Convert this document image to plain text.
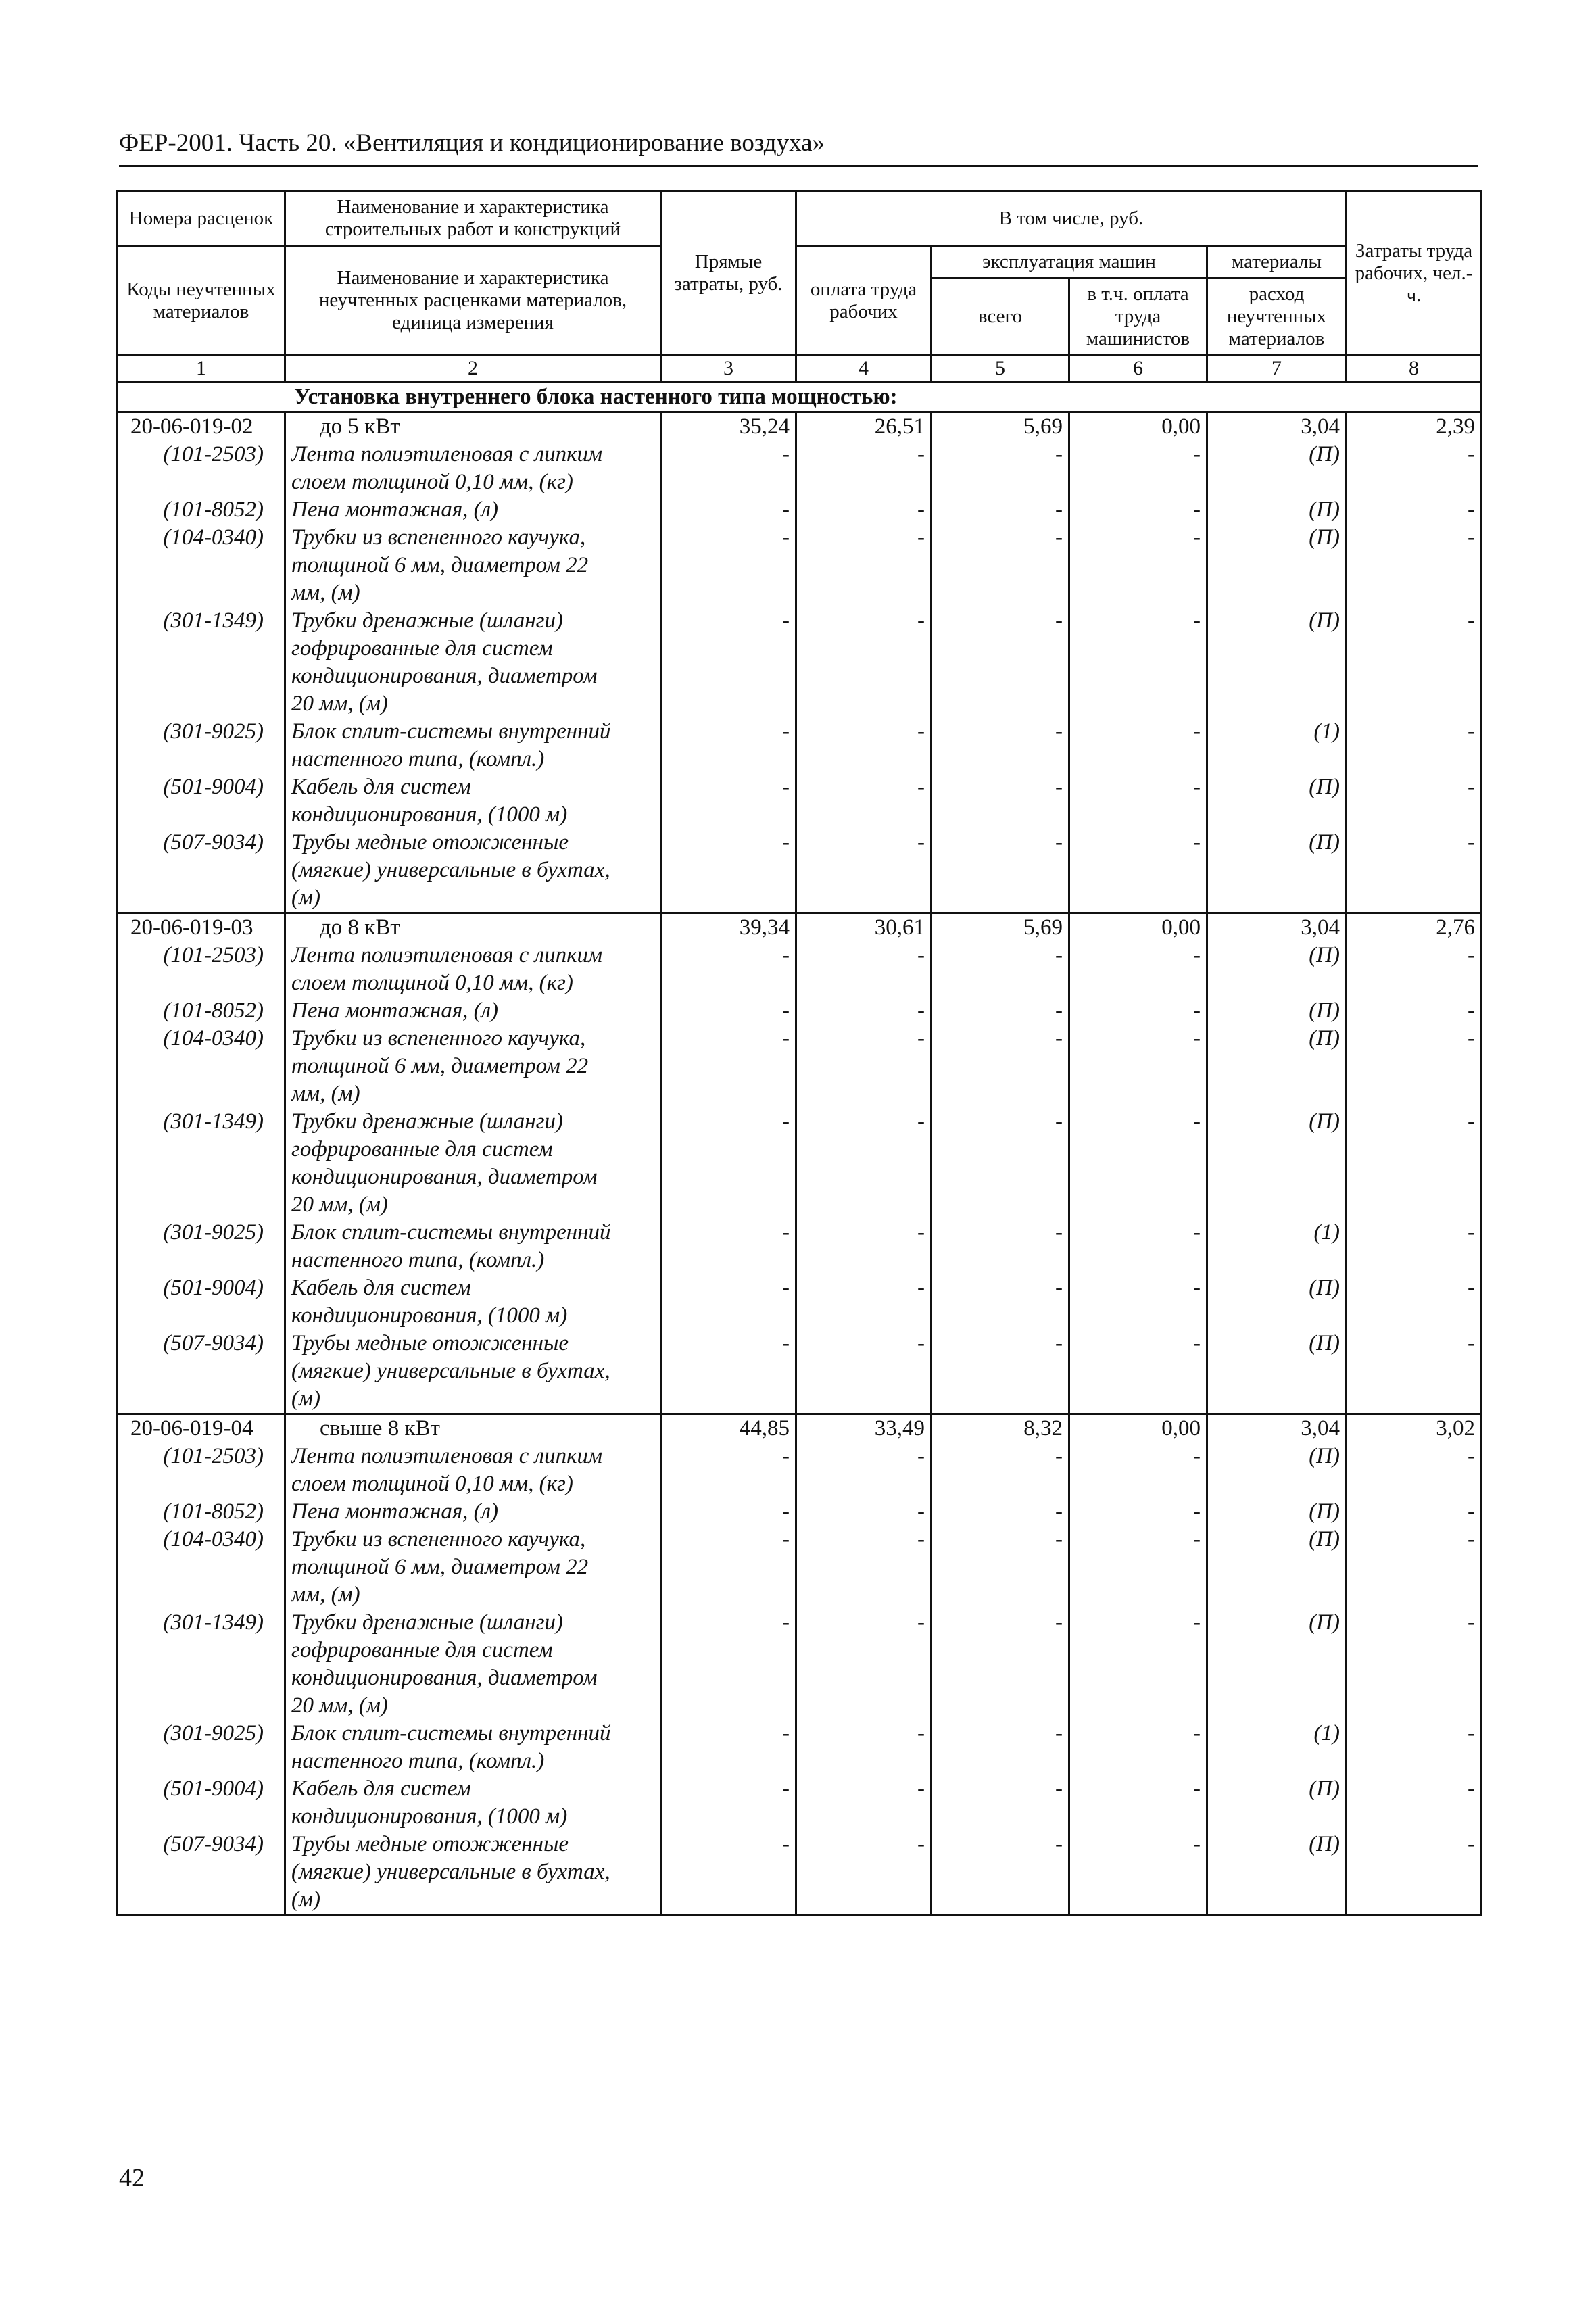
ФЕР-2001. Часть 20. «Вентиляция и кондиционирование воздуха»
Номера расценок	Наименование и характеристика строительных работ и конструкций	Прямые затраты, руб.	В том числе, руб.				Затраты труда рабочих, чел.-ч.
Коды неучтенных материалов	Наименование и характеристика неучтенных расценками материалов, единица измерения		оплата труда рабочих	эксплуатация машин		материалы	
				всего	в т.ч. оплата труда машинистов	расход неучтенных материалов	
1	2	3	4	5	6	7	8
Установка внутреннего блока настенного типа мощностью:							
20-06-019-02	до 5 кВт	35,24	26,51	5,69	0,00	3,04	2,39
(101-2503)	Лента полиэтиленовая с липким	-	-	-	-	(П)	-
	слоем толщиной 0,10 мм, (кг)						
(101-8052)	Пена монтажная, (л)	-	-	-	-	(П)	-
(104-0340)	Трубки из вспененного каучука,	-	-	-	-	(П)	-
	толщиной 6 мм, диаметром 22						
	мм, (м)						
(301-1349)	Трубки дренажные (шланги)	-	-	-	-	(П)	-
	гофрированные для систем						
	кондиционирования, диаметром						
	20 мм, (м)						
(301-9025)	Блок сплит-системы внутренний	-	-	-	-	(1)	-
	настенного типа, (компл.)						
(501-9004)	Кабель для систем	-	-	-	-	(П)	-
	кондиционирования, (1000 м)						
(507-9034)	Трубы медные отожженные	-	-	-	-	(П)	-
	(мягкие) универсальные в бухтах,						
	(м)						
20-06-019-03	до 8 кВт	39,34	30,61	5,69	0,00	3,04	2,76
(101-2503)	Лента полиэтиленовая с липким	-	-	-	-	(П)	-
	слоем толщиной 0,10 мм, (кг)						
(101-8052)	Пена монтажная, (л)	-	-	-	-	(П)	-
(104-0340)	Трубки из вспененного каучука,	-	-	-	-	(П)	-
	толщиной 6 мм, диаметром 22						
	мм, (м)						
(301-1349)	Трубки дренажные (шланги)	-	-	-	-	(П)	-
	гофрированные для систем						
	кондиционирования, диаметром						
	20 мм, (м)						
(301-9025)	Блок сплит-системы внутренний	-	-	-	-	(1)	-
	настенного типа, (компл.)						
(501-9004)	Кабель для систем	-	-	-	-	(П)	-
	кондиционирования, (1000 м)						
(507-9034)	Трубы медные отожженные	-	-	-	-	(П)	-
	(мягкие) универсальные в бухтах,						
	(м)						
20-06-019-04	свыше 8 кВт	44,85	33,49	8,32	0,00	3,04	3,02
(101-2503)	Лента полиэтиленовая с липким	-	-	-	-	(П)	-
	слоем толщиной 0,10 мм, (кг)						
(101-8052)	Пена монтажная, (л)	-	-	-	-	(П)	-
(104-0340)	Трубки из вспененного каучука,	-	-	-	-	(П)	-
	толщиной 6 мм, диаметром 22						
	мм, (м)						
(301-1349)	Трубки дренажные (шланги)	-	-	-	-	(П)	-
	гофрированные для систем						
	кондиционирования, диаметром						
	20 мм, (м)						
(301-9025)	Блок сплит-системы внутренний	-	-	-	-	(1)	-
	настенного типа, (компл.)						
(501-9004)	Кабель для систем	-	-	-	-	(П)	-
	кондиционирования, (1000 м)						
(507-9034)	Трубы медные отожженные	-	-	-	-	(П)	-
	(мягкие) универсальные в бухтах,						
	(м)						

42
